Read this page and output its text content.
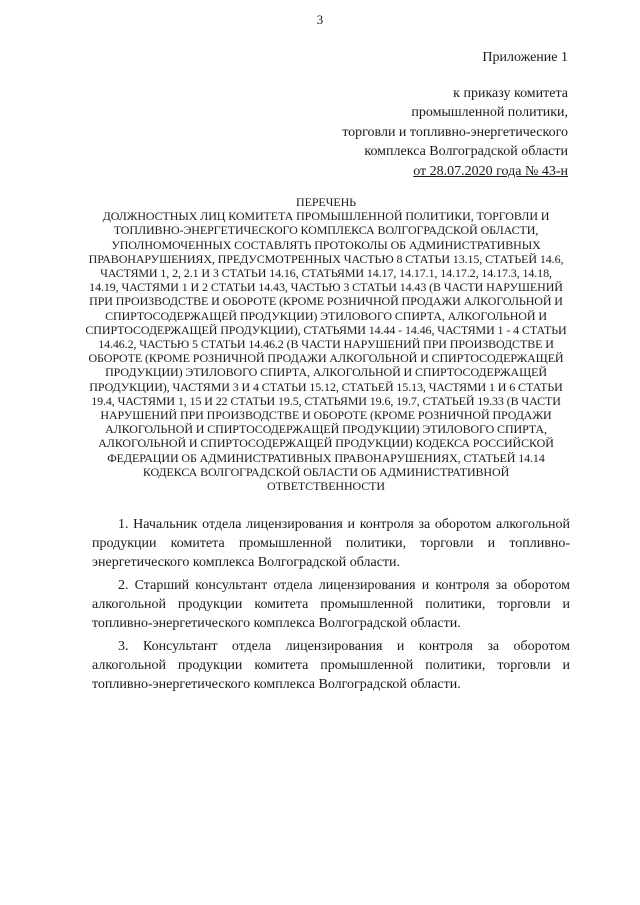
3
Приложение 1
к приказу комитета
промышленной политики,
торговли и топливно-энергетического
комплекса Волгоградской области
от 28.07.2020 года № 43-н
ПЕРЕЧЕНЬ
ДОЛЖНОСТНЫХ ЛИЦ КОМИТЕТА ПРОМЫШЛЕННОЙ ПОЛИТИКИ, ТОРГОВЛИ И ТОПЛИВНО-ЭНЕРГЕТИЧЕСКОГО КОМПЛЕКСА ВОЛГОГРАДСКОЙ ОБЛАСТИ, УПОЛНОМОЧЕННЫХ СОСТАВЛЯТЬ ПРОТОКОЛЫ ОБ АДМИНИСТРАТИВНЫХ ПРАВОНАРУШЕНИЯХ, ПРЕДУСМОТРЕННЫХ ЧАСТЬЮ 8 СТАТЬИ 13.15, СТАТЬЕЙ 14.6, ЧАСТЯМИ 1, 2, 2.1 И 3 СТАТЬИ 14.16, СТАТЬЯМИ 14.17, 14.17.1, 14.17.2, 14.17.3, 14.18, 14.19, ЧАСТЯМИ 1 И 2 СТАТЬИ 14.43, ЧАСТЬЮ 3 СТАТЬИ 14.43 (В ЧАСТИ НАРУШЕНИЙ ПРИ ПРОИЗВОДСТВЕ И ОБОРОТЕ (КРОМЕ РОЗНИЧНОЙ ПРОДАЖИ АЛКОГОЛЬНОЙ И СПИРТОСОДЕРЖАЩЕЙ ПРОДУКЦИИ) ЭТИЛОВОГО СПИРТА, АЛКОГОЛЬНОЙ И СПИРТОСОДЕРЖАЩЕЙ ПРОДУКЦИИ), СТАТЬЯМИ 14.44 - 14.46, ЧАСТЯМИ 1 - 4 СТАТЬИ 14.46.2, ЧАСТЬЮ 5 СТАТЬИ 14.46.2 (В ЧАСТИ НАРУШЕНИЙ ПРИ ПРОИЗВОДСТВЕ И ОБОРОТЕ (КРОМЕ РОЗНИЧНОЙ ПРОДАЖИ АЛКОГОЛЬНОЙ И СПИРТОСОДЕРЖАЩЕЙ ПРОДУКЦИИ) ЭТИЛОВОГО СПИРТА, АЛКОГОЛЬНОЙ И СПИРТОСОДЕРЖАЩЕЙ ПРОДУКЦИИ), ЧАСТЯМИ 3 И 4 СТАТЬИ 15.12, СТАТЬЕЙ 15.13, ЧАСТЯМИ 1 И 6 СТАТЬИ 19.4, ЧАСТЯМИ 1, 15 И 22 СТАТЬИ 19.5, СТАТЬЯМИ 19.6, 19.7, СТАТЬЕЙ 19.33 (В ЧАСТИ НАРУШЕНИЙ ПРИ ПРОИЗВОДСТВЕ И ОБОРОТЕ (КРОМЕ РОЗНИЧНОЙ ПРОДАЖИ АЛКОГОЛЬНОЙ И СПИРТОСОДЕРЖАЩЕЙ ПРОДУКЦИИ) ЭТИЛОВОГО СПИРТА, АЛКОГОЛЬНОЙ И СПИРТОСОДЕРЖАЩЕЙ ПРОДУКЦИИ) КОДЕКСА РОССИЙСКОЙ ФЕДЕРАЦИИ ОБ АДМИНИСТРАТИВНЫХ ПРАВОНАРУШЕНИЯХ, СТАТЬЕЙ 14.14 КОДЕКСА ВОЛГОГРАДСКОЙ ОБЛАСТИ ОБ АДМИНИСТРАТИВНОЙ ОТВЕТСТВЕННОСТИ

1. Начальник отдела лицензирования и контроля за оборотом алкогольной продукции комитета промышленной политики, торговли и топливно-энергетического комплекса Волгоградской области.

2. Старший консультант отдела лицензирования и контроля за оборотом алкогольной продукции комитета промышленной политики, торговли и топливно-энергетического комплекса Волгоградской области.

3. Консультант отдела лицензирования и контроля за оборотом алкогольной продукции комитета промышленной политики, торговли и топливно-энергетического комплекса Волгоградской области.
